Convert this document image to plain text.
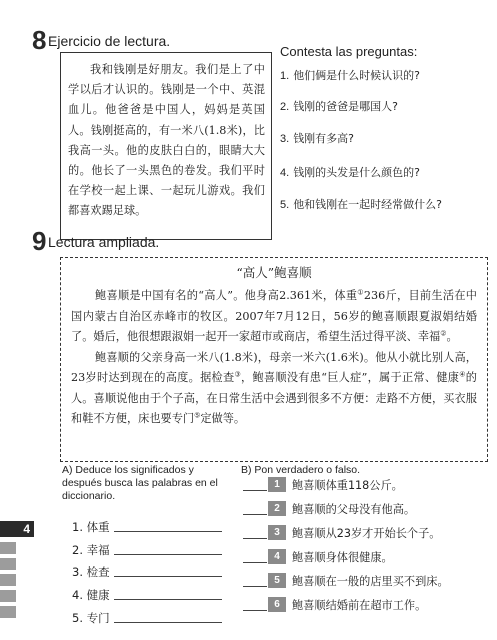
8 Ejercicio de lectura.
我和钱刚是好朋友。我们是上了中学以后才认识的。钱刚是一个中、英混血儿。他爸爸是中国人，妈妈是英国人。钱刚挺高的，有一米八(1.8米)，比我高一头。他的皮肤白白的，眼睛大大的。他长了一头黑色的卷发。我们平时在学校一起上课、一起玩儿游戏。我们都喜欢踢足球。
Contesta las preguntas:
1. 他们俩是什么时候认识的?
2. 钱刚的爸爸是哪国人?
3. 钱刚有多高?
4. 钱刚的头发是什么颜色的?
5. 他和钱刚在一起时经常做什么?
9 Lectura ampliada.
“高人”鲍喜顺

鲍喜顺是中国有名的“高人”。他身高2.361米，体重①236斤，目前生活在中国内蒙古自治区赤峰市的牧区。2007年7月12日，56岁的鲍喜顺跟夏淑娟结婚了。婚后，他很想跟淑娟一起开一家超市或商店，希望生活过得平淡、幸福②。

鲍喜顺的父亲身高一米八(1.8米)，母亲一米六(1.6米)。他从小就比别人高，23岁时达到现在的高度。据检查③，鲍喜顺没有患“巨人症”，属于正常、健康④的人。喜顺说他由于个子高，在日常生活中会遇到很多不方便：走路不方便，买衣服和鞋不方便，床也要专门⑤定做等。

A) Deduce los significados y después busca las palabras en el diccionario.
1. 体重
2. 幸福
3. 检查
4. 健康
5. 专门
B) Pon verdadero o falso.
1	鲍喜顺体重118公斤。
2	鲍喜顺的父母没有他高。
3	鲍喜顺从23岁才开始长个子。
4	鲍喜顺身体很健康。
5	鲍喜顺在一般的店里买不到床。
6	鲍喜顺结婚前在超市工作。
4
